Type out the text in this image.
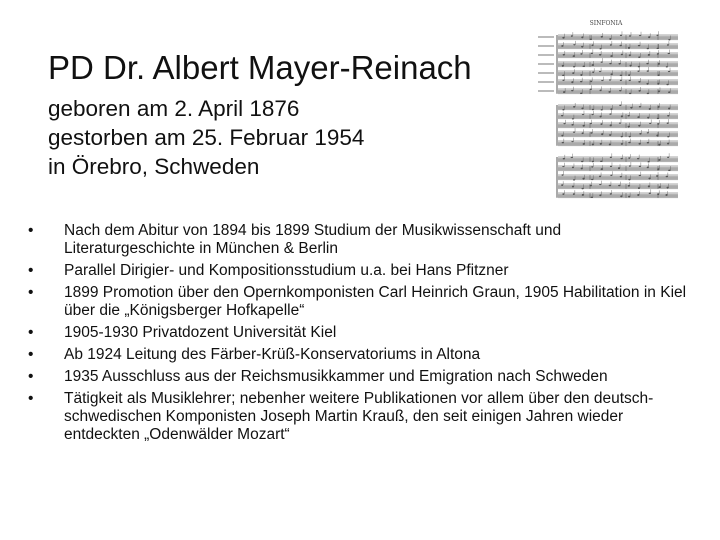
PD Dr. Albert Mayer-Reinach
geboren am 2. April 1876
gestorben am 25. Februar 1954
in Örebro, Schweden
SINFONIA
• Nach dem Abitur von 1894 bis 1899 Studium der Musikwissenschaft und Literaturgeschichte in München & Berlin
• Parallel Dirigier- und Kompositionsstudium u.a. bei Hans Pfitzner
• 1899 Promotion über den Opernkomponisten Carl Heinrich Graun, 1905 Habilitation in Kiel über die „Königsberger Hofkapelle“
• 1905-1930 Privatdozent Universität Kiel
• Ab 1924 Leitung des Färber-Krüß-Konservatoriums in Altona
• 1935 Ausschluss aus der Reichsmusikkammer und Emigration nach Schweden
• Tätigkeit als Musiklehrer; nebenher weitere Publikationen vor allem über den deutsch-schwedischen Komponisten Joseph Martin Krauß, den seit einigen Jahren wieder entdeckten „Odenwälder Mozart“
